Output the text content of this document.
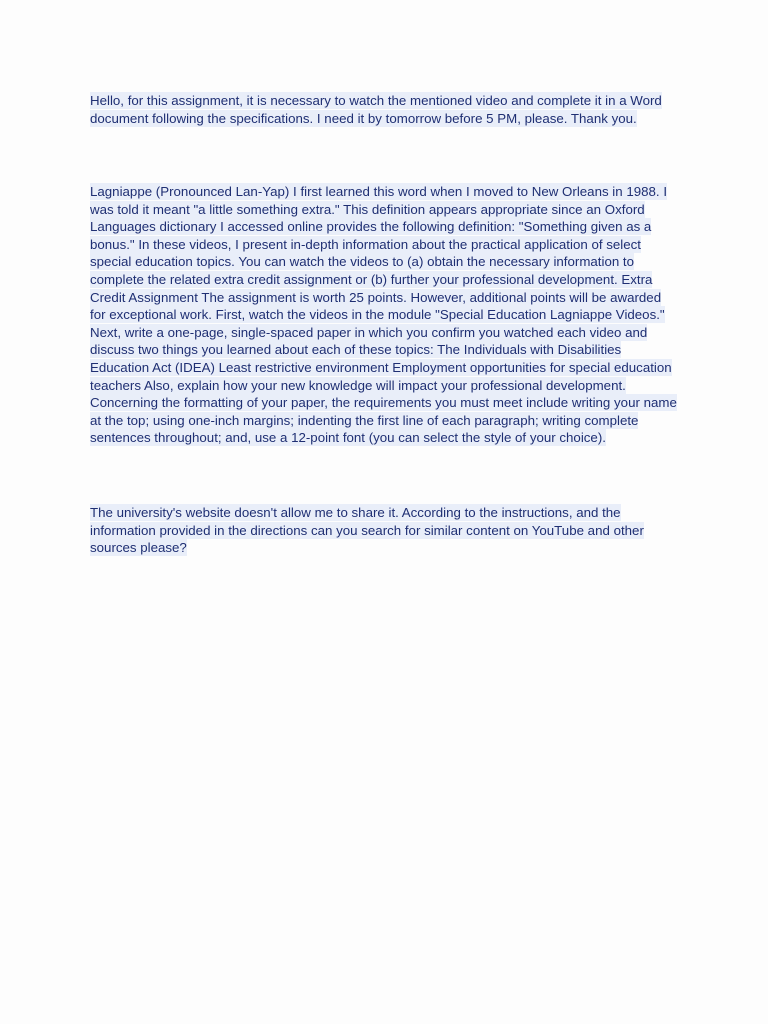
Hello, for this assignment, it is necessary to watch the mentioned video and complete it in a Word document following the specifications. I need it by tomorrow before 5 PM, please. Thank you.

Lagniappe (Pronounced Lan-Yap) I first learned this word when I moved to New Orleans in 1988. I was told it meant "a little something extra." This definition appears appropriate since an Oxford Languages dictionary I accessed online provides the following definition: "Something given as a bonus." In these videos, I present in-depth information about the practical application of select special education topics. You can watch the videos to (a) obtain the necessary information to complete the related extra credit assignment or (b) further your professional development. Extra Credit Assignment The assignment is worth 25 points. However, additional points will be awarded for exceptional work. First, watch the videos in the module "Special Education Lagniappe Videos." Next, write a one-page, single-spaced paper in which you confirm you watched each video and discuss two things you learned about each of these topics: The Individuals with Disabilities Education Act (IDEA) Least restrictive environment Employment opportunities for special education teachers Also, explain how your new knowledge will impact your professional development. Concerning the formatting of your paper, the requirements you must meet include writing your name at the top; using one-inch margins; indenting the first line of each paragraph; writing complete sentences throughout; and, use a 12-point font (you can select the style of your choice).

The university's website doesn't allow me to share it. According to the instructions, and the information provided in the directions can you search for similar content on YouTube and other sources please?
